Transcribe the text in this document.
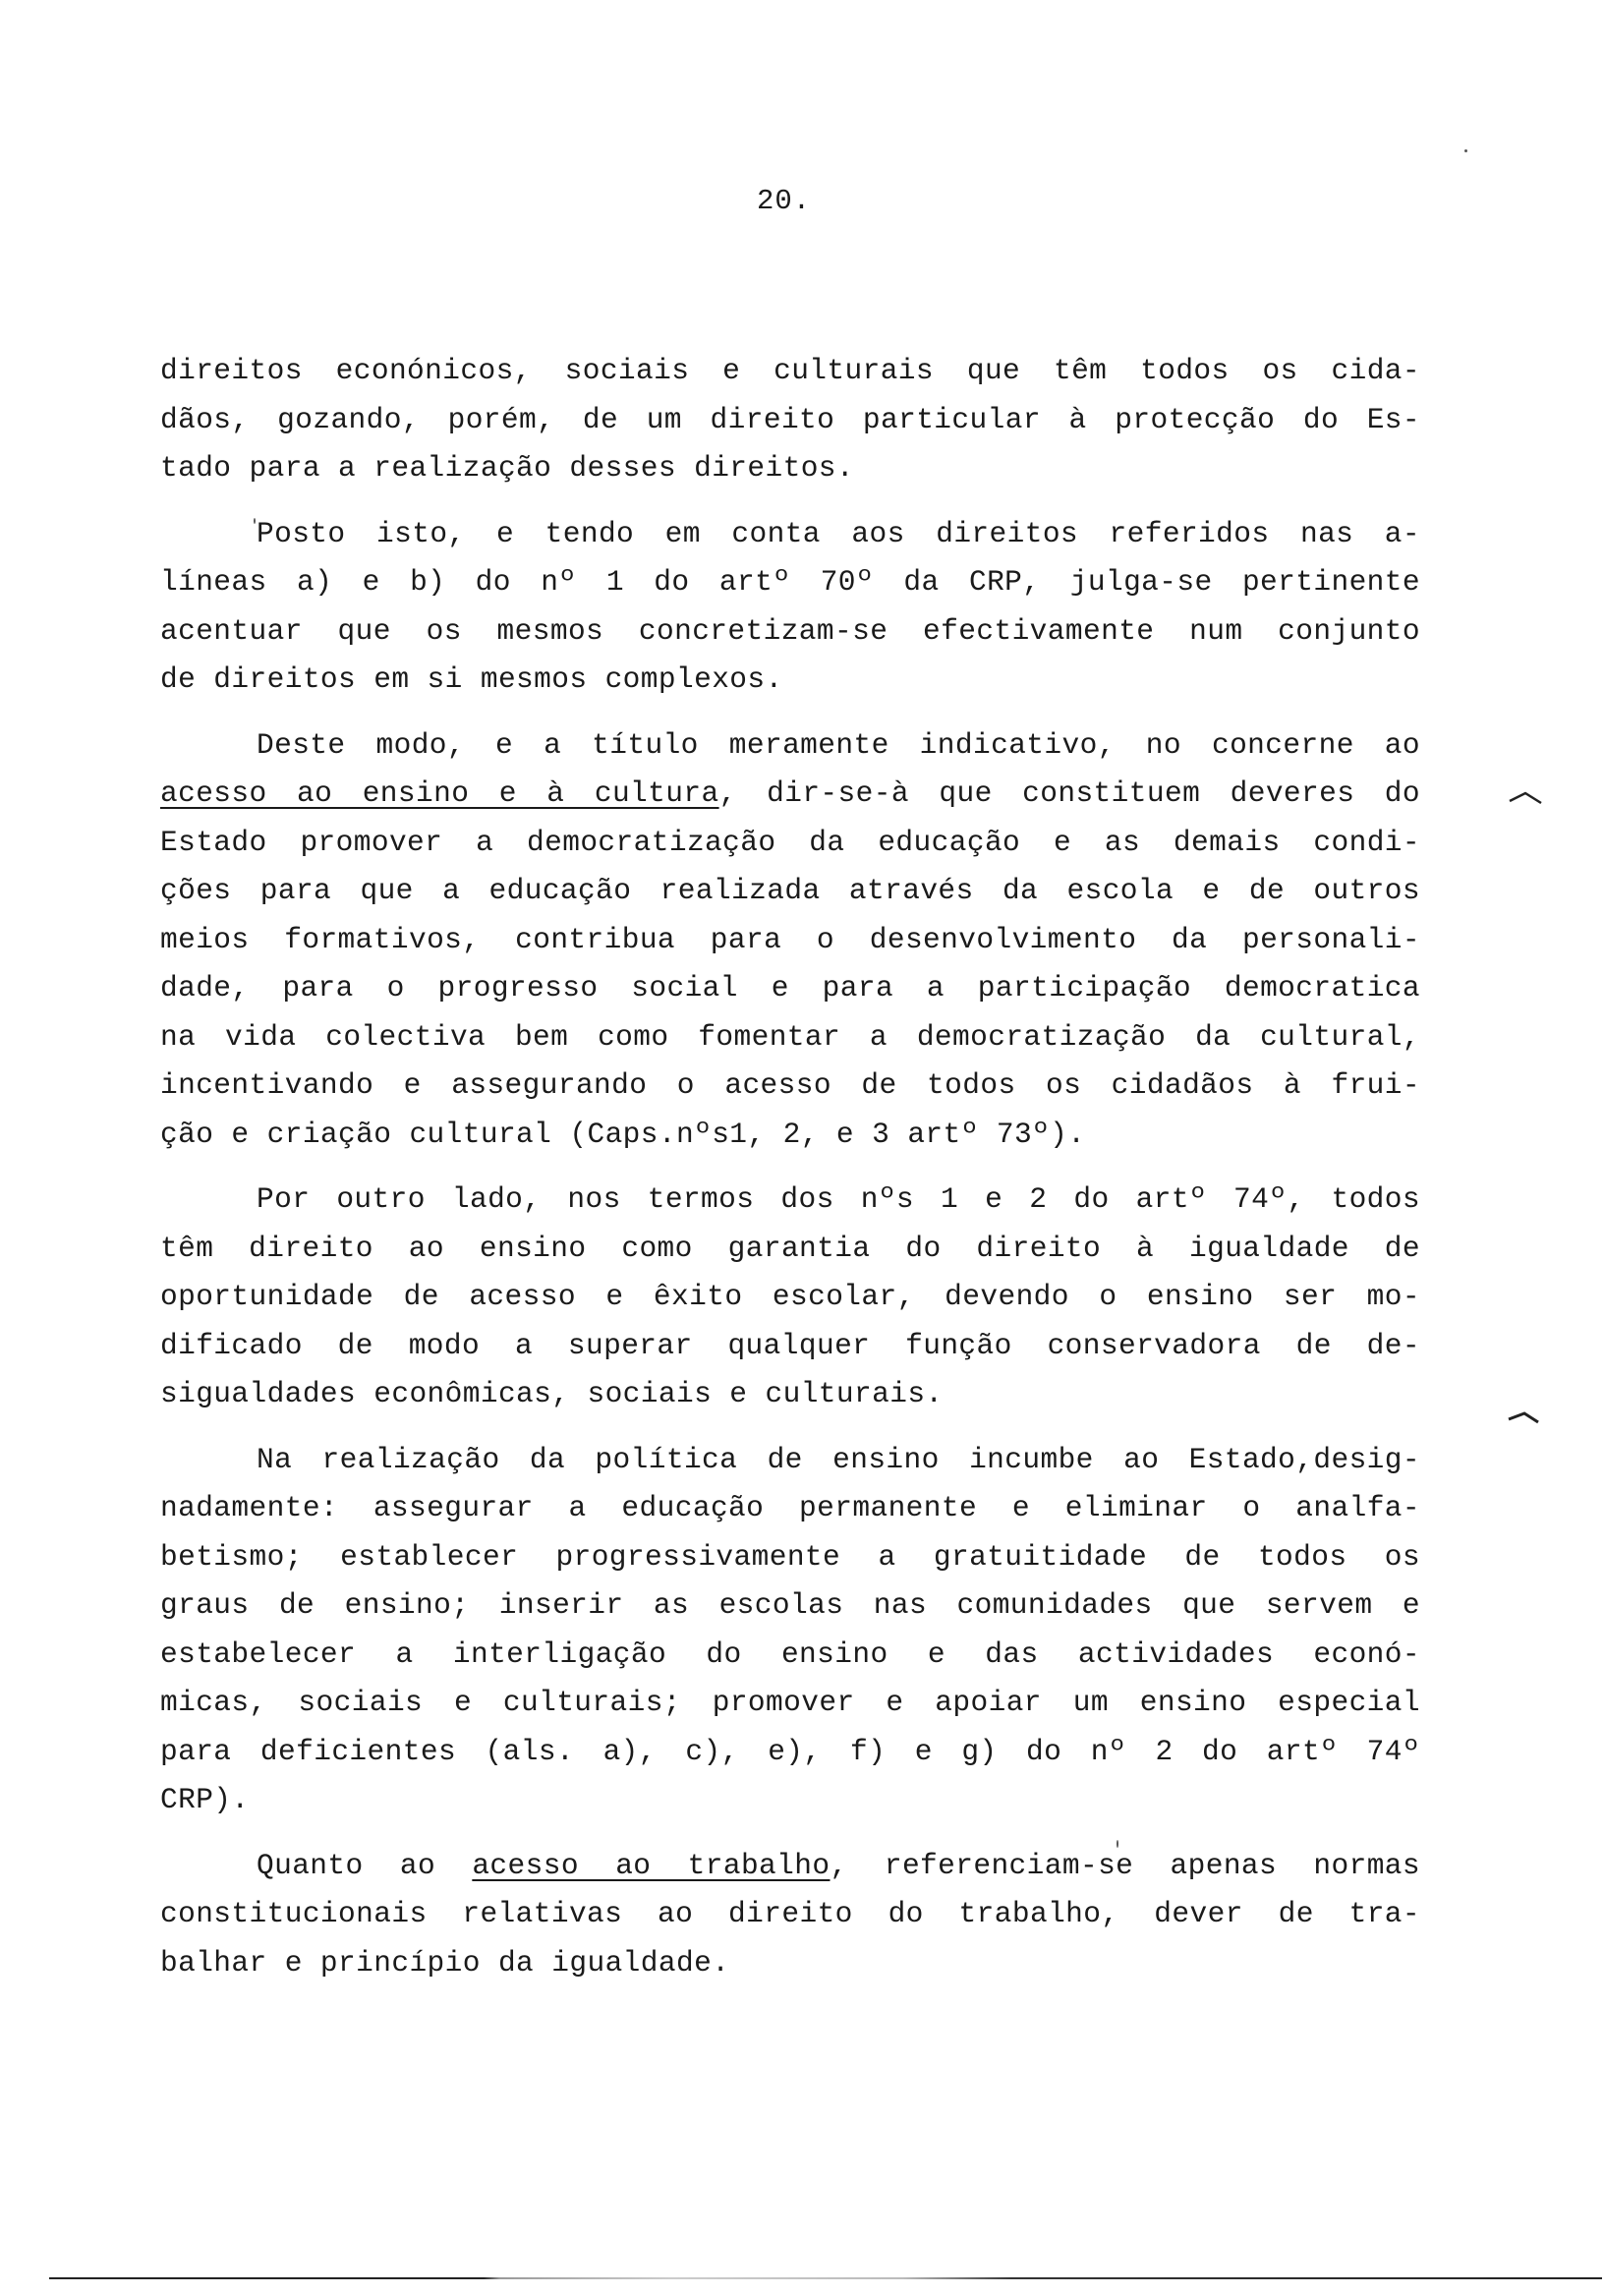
20.
direitos econónicos, sociais e culturais que têm todos os cida-
dãos, gozando, porém, de um direito particular à protecção do Es-
tado para a realização desses direitos.
Posto isto, e tendo em conta aos direitos referidos nas a-
líneas a) e b) do nº 1 do artº 70º da CRP, julga-se pertinente
acentuar que os mesmos concretizam-se efectivamente num conjunto
de direitos em si mesmos complexos.
Deste modo, e a título meramente indicativo, no concerne ao
acesso ao ensino e à cultura, dir-se-à que constituem deveres do
Estado promover a democratização da educação e as demais condi-
ções para que a educação realizada através da escola e de outros
meios formativos, contribua para o desenvolvimento da personali-
dade, para o progresso social e para a participação democratica
na vida colectiva bem como fomentar a democratização da cultural,
incentivando e assegurando o acesso de todos os cidadãos à frui-
ção e criação cultural (Caps.nºs1, 2, e 3 artº 73º).
Por outro lado, nos termos dos nºs 1 e 2 do artº 74º, todos
têm direito ao ensino como garantia do direito à igualdade de
oportunidade de acesso e êxito escolar, devendo o ensino ser mo-
dificado de modo a superar qualquer função conservadora de de-
sigualdades econômicas, sociais e culturais.
Na realização da política de ensino incumbe ao Estado,desig-
nadamente: assegurar a educação permanente e eliminar o analfa-
betismo; establecer progressivamente a gratuitidade de todos os
graus de ensino; inserir as escolas nas comunidades que servem e
estabelecer a interligação do ensino e das actividades econó-
micas, sociais e culturais; promover e apoiar um ensino especial
para deficientes (als. a), c), e), f) e g) do nº 2 do artº 74º
CRP).
Quanto ao acesso ao trabalho, referenciam-se apenas normas
constitucionais relativas ao direito do trabalho, dever de tra-
balhar e princípio da igualdade.
